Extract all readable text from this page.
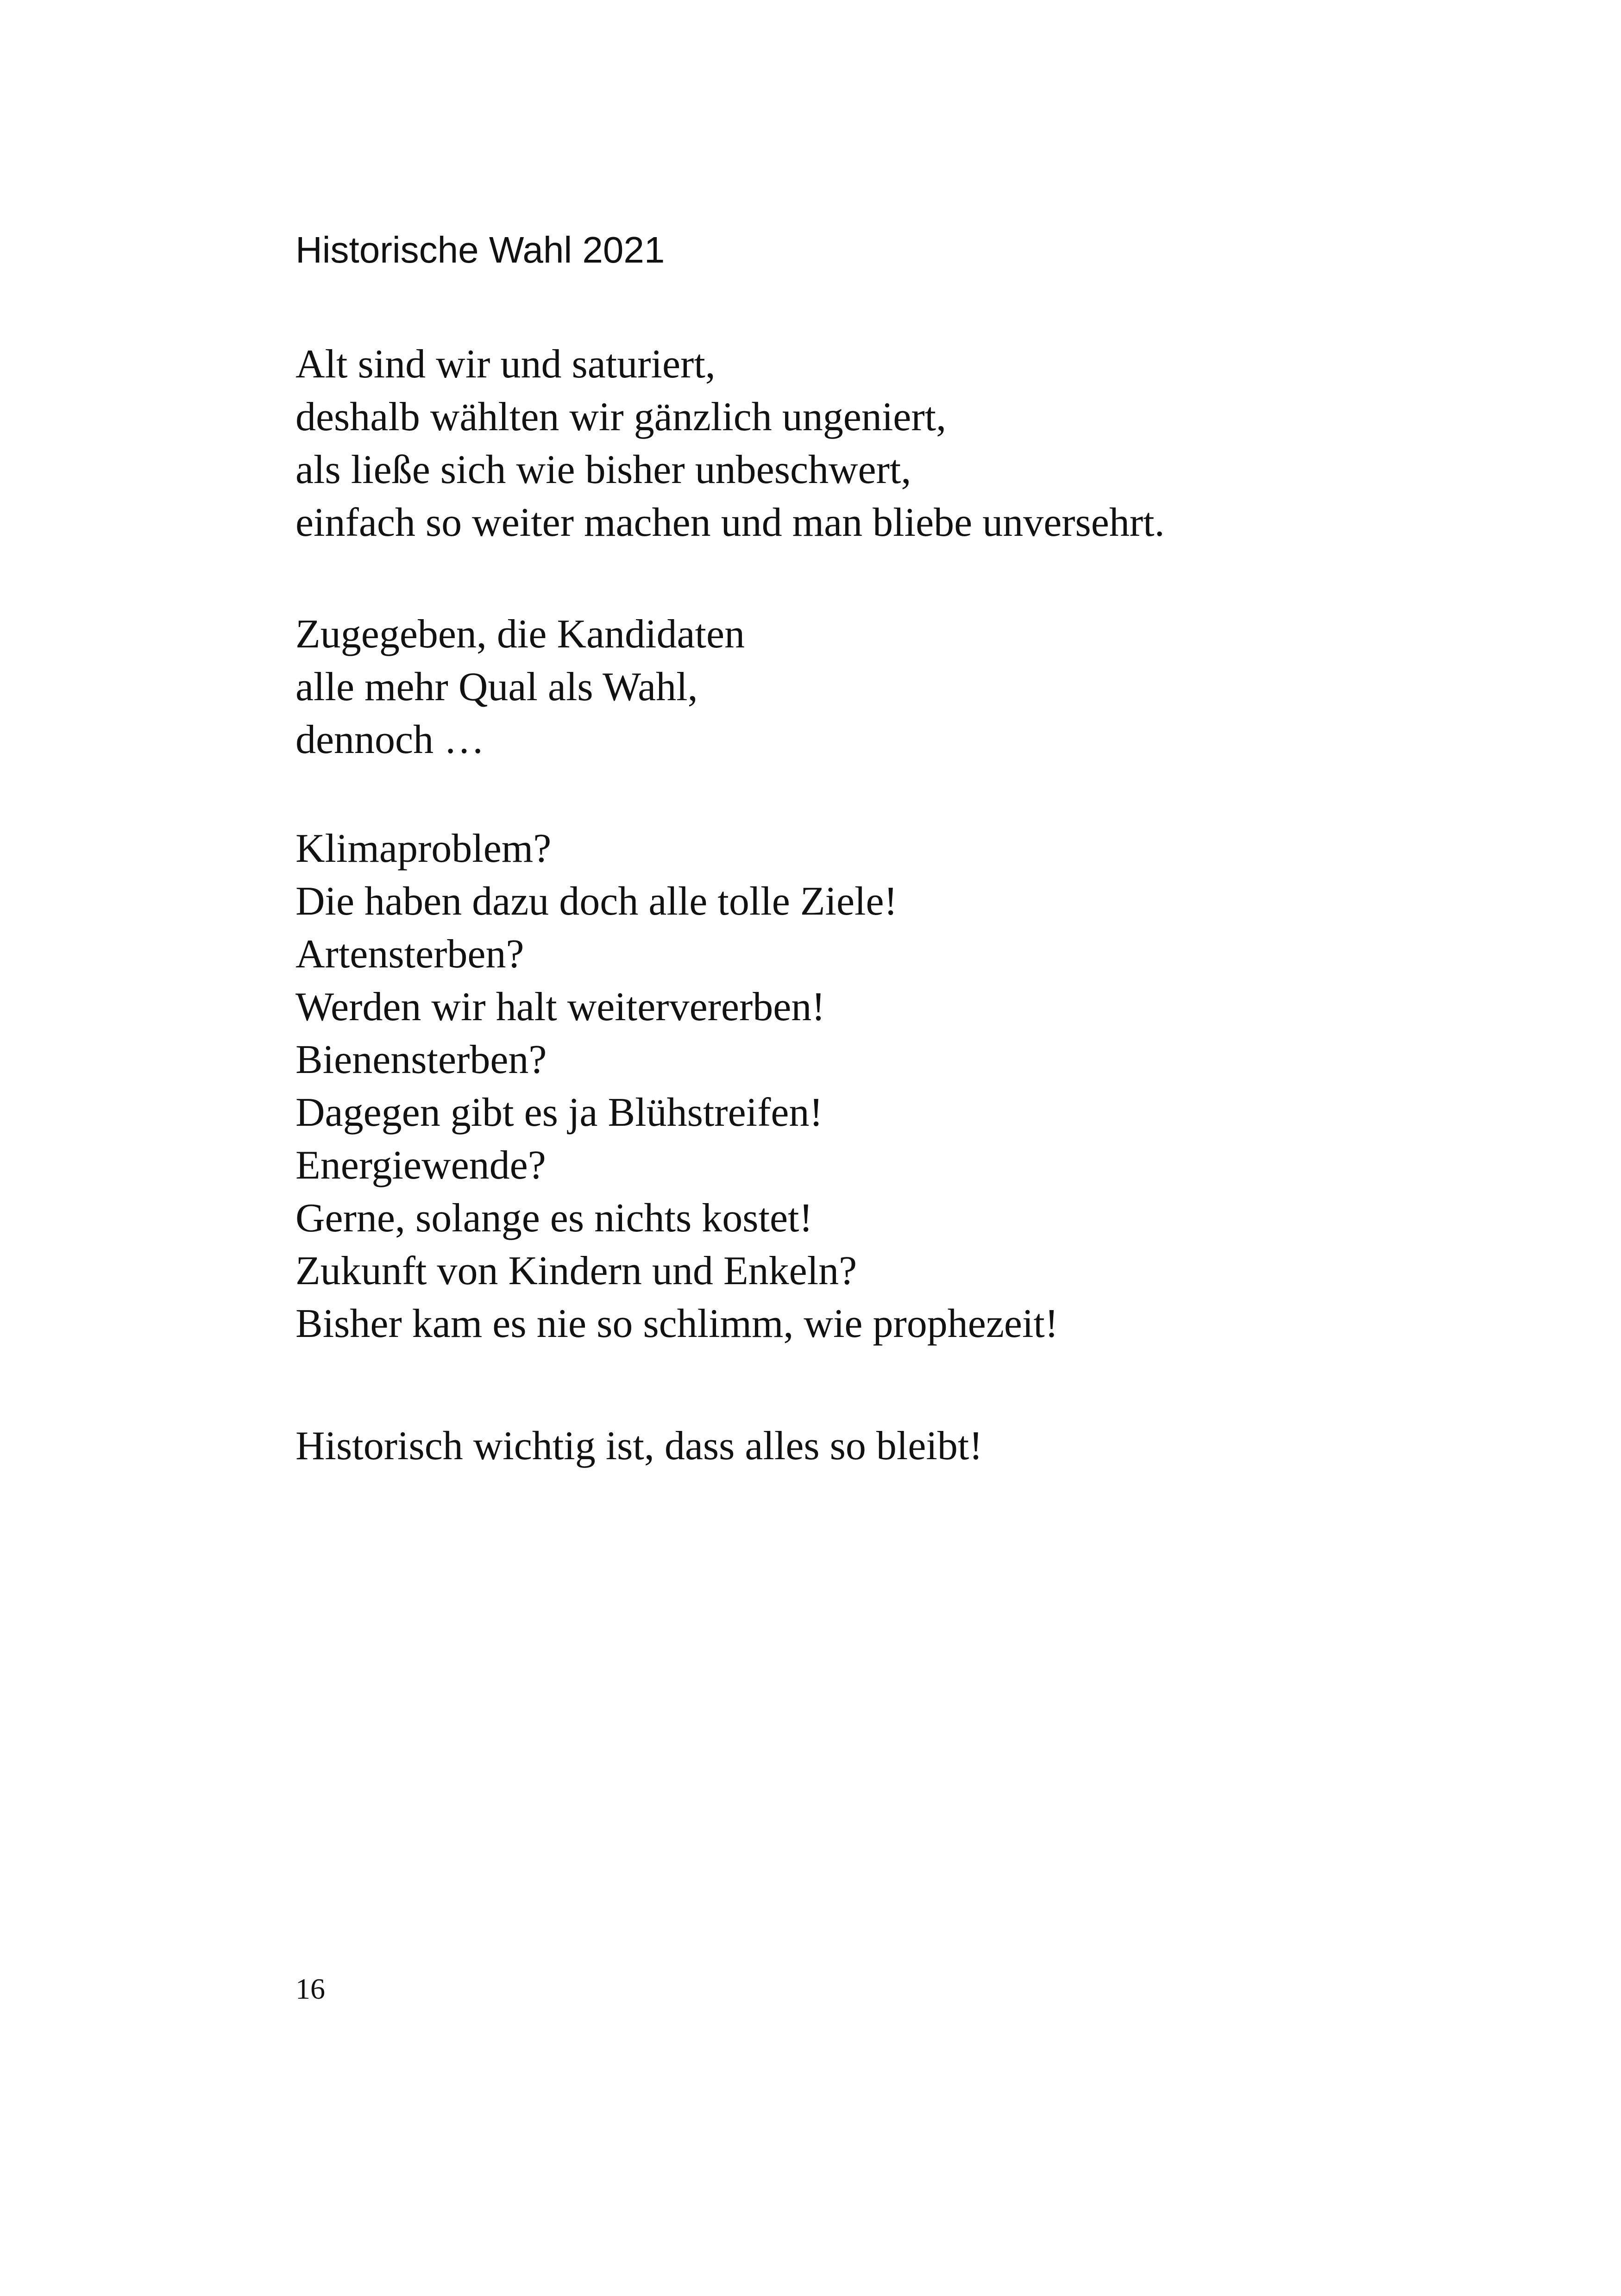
Historische Wahl 2021
Alt sind wir und saturiert,
deshalb wählten wir gänzlich ungeniert,
als ließe sich wie bisher unbeschwert,
einfach so weiter machen und man bliebe unversehrt.
Zugegeben, die Kandidaten
alle mehr Qual als Wahl,
dennoch …
Klimaproblem?
Die haben dazu doch alle tolle Ziele!
Artensterben?
Werden wir halt weitervererben!
Bienensterben?
Dagegen gibt es ja Blühstreifen!
Energiewende?
Gerne, solange es nichts kostet!
Zukunft von Kindern und Enkeln?
Bisher kam es nie so schlimm, wie prophezeit!
Historisch wichtig ist, dass alles so bleibt!
16
